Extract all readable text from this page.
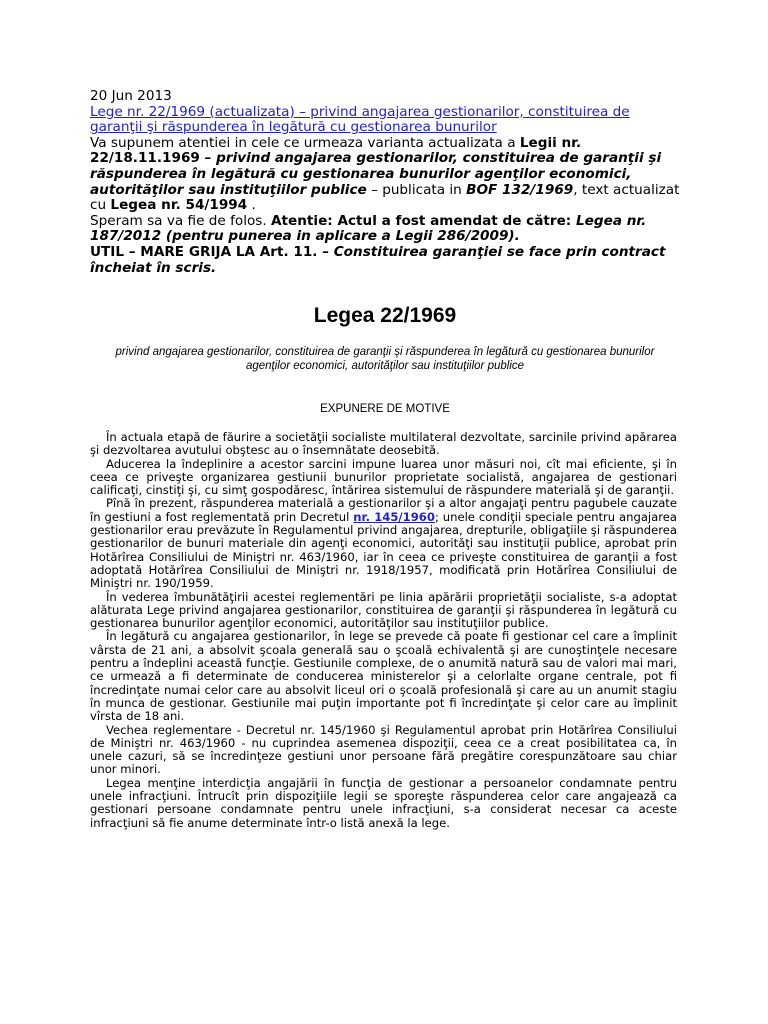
20 Jun 2013

Lege nr. 22/1969 (actualizata) – privind angajarea gestionarilor, constituirea de garanţii şi răspunderea în legătură cu gestionarea bunurilor

Va supunem atentiei in cele ce urmeaza varianta actualizata a Legii nr. 22/18.11.1969 – privind angajarea gestionarilor, constituirea de garanţii şi răspunderea în legătură cu gestionarea bunurilor agenţilor economici, autorităţilor sau instituţiilor publice – publicata in BOF 132/1969, text actualizat cu Legea nr. 54/1994 .

Speram sa va fie de folos. Atentie: Actul a fost amendat de către: Legea nr. 187/2012 (pentru punerea in aplicare a Legii 286/2009).

UTIL – MARE GRIJA LA Art. 11. – Constituirea garanţiei se face prin contract încheiat în scris.

Legea 22/1969

privind angajarea gestionarilor, constituirea de garanţii şi răspunderea în legătură cu gestionarea bunurilor agenţilor economici, autorităţilor sau instituţiilor publice

EXPUNERE DE MOTIVE

În actuala etapă de făurire a societăţii socialiste multilateral dezvoltate, sarcinile privind apărarea şi dezvoltarea avutului obştesc au o însemnătate deosebită.

Aducerea la îndeplinire a acestor sarcini impune luarea unor măsuri noi, cît mai eficiente, şi în ceea ce priveşte organizarea gestiunii bunurilor proprietate socialistă, angajarea de gestionari calificaţi, cinstiţi şi, cu simţ gospodăresc, întărirea sistemului de răspundere materială şi de garanţii.

Pînă în prezent, răspunderea materială a gestionarilor şi a altor angajaţi pentru pagubele cauzate în gestiuni a fost reglementată prin Decretul nr. 145/1960; unele condiţii speciale pentru angajarea gestionarilor erau prevăzute în Regulamentul privind angajarea, drepturile, obligaţiile şi răspunderea gestionarilor de bunuri materiale din agenţi economici, autorităţi sau instituţii publice, aprobat prin Hotărîrea Consiliului de Miniştri nr. 463/1960, iar în ceea ce priveşte constituirea de garanţii a fost adoptată Hotărîrea Consiliului de Miniştri nr. 1918/1957, modificată prin Hotărîrea Consiliului de Miniştri nr. 190/1959.

În vederea îmbunătăţirii acestei reglementări pe linia apărării proprietăţii socialiste, s-a adoptat alăturata Lege privind angajarea gestionarilor, constituirea de garanţii şi răspunderea în legătură cu gestionarea bunurilor agenţilor economici, autorităţilor sau instituţiilor publice.

În legătură cu angajarea gestionarilor, în lege se prevede că poate fi gestionar cel care a împlinit vârsta de 21 ani, a absolvit şcoala generală sau o şcoală echivalentă şi are cunoştinţele necesare pentru a îndeplini această funcţie. Gestiunile complexe, de o anumită natură sau de valori mai mari, ce urmează a fi determinate de conducerea ministerelor şi a celorlalte organe centrale, pot fi încredinţate numai celor care au absolvit liceul ori o şcoală profesională şi care au un anumit stagiu în munca de gestionar. Gestiunile mai puţin importante pot fi încredinţate şi celor care au împlinit vîrsta de 18 ani.

Vechea reglementare - Decretul nr. 145/1960 şi Regulamentul aprobat prin Hotărîrea Consiliului de Miniştri nr. 463/1960 - nu cuprindea asemenea dispoziţii, ceea ce a creat posibilitatea ca, în unele cazuri, să se încredinţeze gestiuni unor persoane fără pregătire corespunzătoare sau chiar unor minori.

Legea menţine interdicţia angajării în funcţia de gestionar a persoanelor condamnate pentru unele infracţiuni. Întrucît prin dispoziţiile legii se sporeşte răspunderea celor care angajează ca gestionari persoane condamnate pentru unele infracţiuni, s-a considerat necesar ca aceste infracţiuni să fie anume determinate într-o listă anexă la lege.
